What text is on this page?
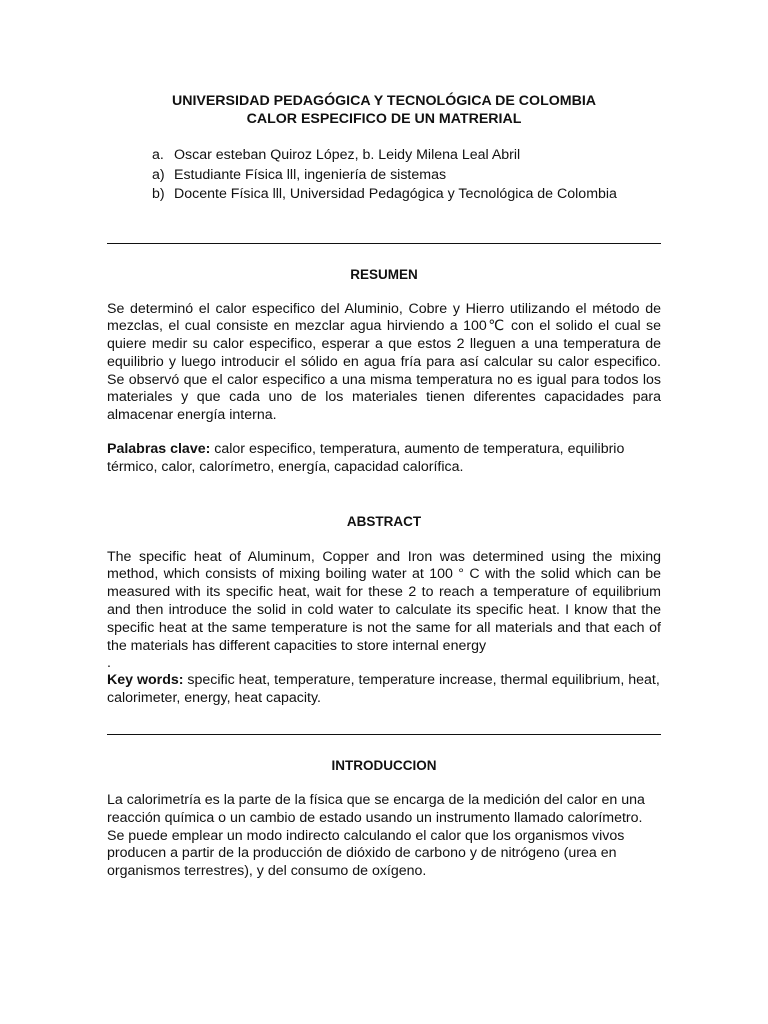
UNIVERSIDAD PEDAGÓGICA Y TECNOLÓGICA DE COLOMBIA
CALOR ESPECIFICO DE UN MATRERIAL
a. Oscar esteban Quiroz López, b. Leidy Milena Leal Abril
a) Estudiante Física lll, ingeniería de sistemas
b) Docente Física lll, Universidad Pedagógica y Tecnológica de Colombia
RESUMEN
Se determinó el calor especifico del Aluminio, Cobre y Hierro utilizando el método de mezclas, el cual consiste en mezclar agua hirviendo a 100℃ con el solido el cual se quiere medir su calor especifico, esperar a que estos 2 lleguen a una temperatura de equilibrio y luego introducir el sólido en agua fría para así calcular su calor especifico. Se observó que el calor especifico a una misma temperatura no es igual para todos los materiales y que cada uno de los materiales tienen diferentes capacidades para almacenar energía interna.
Palabras clave: calor especifico, temperatura, aumento de temperatura, equilibrio térmico, calor, calorímetro, energía, capacidad calorífica.
ABSTRACT
The specific heat of Aluminum, Copper and Iron was determined using the mixing method, which consists of mixing boiling water at 100 ° C with the solid which can be measured with its specific heat, wait for these 2 to reach a temperature of equilibrium and then introduce the solid in cold water to calculate its specific heat. I know that the specific heat at the same temperature is not the same for all materials and that each of the materials has different capacities to store internal energy
.
Key words: specific heat, temperature, temperature increase, thermal equilibrium, heat, calorimeter, energy, heat capacity.
INTRODUCCION
La calorimetría es la parte de la física que se encarga de la medición del calor en una reacción química o un cambio de estado usando un instrumento llamado calorímetro. Se puede emplear un modo indirecto calculando el calor que los organismos vivos producen a partir de la producción de dióxido de carbono y de nitrógeno (urea en organismos terrestres), y del consumo de oxígeno.
